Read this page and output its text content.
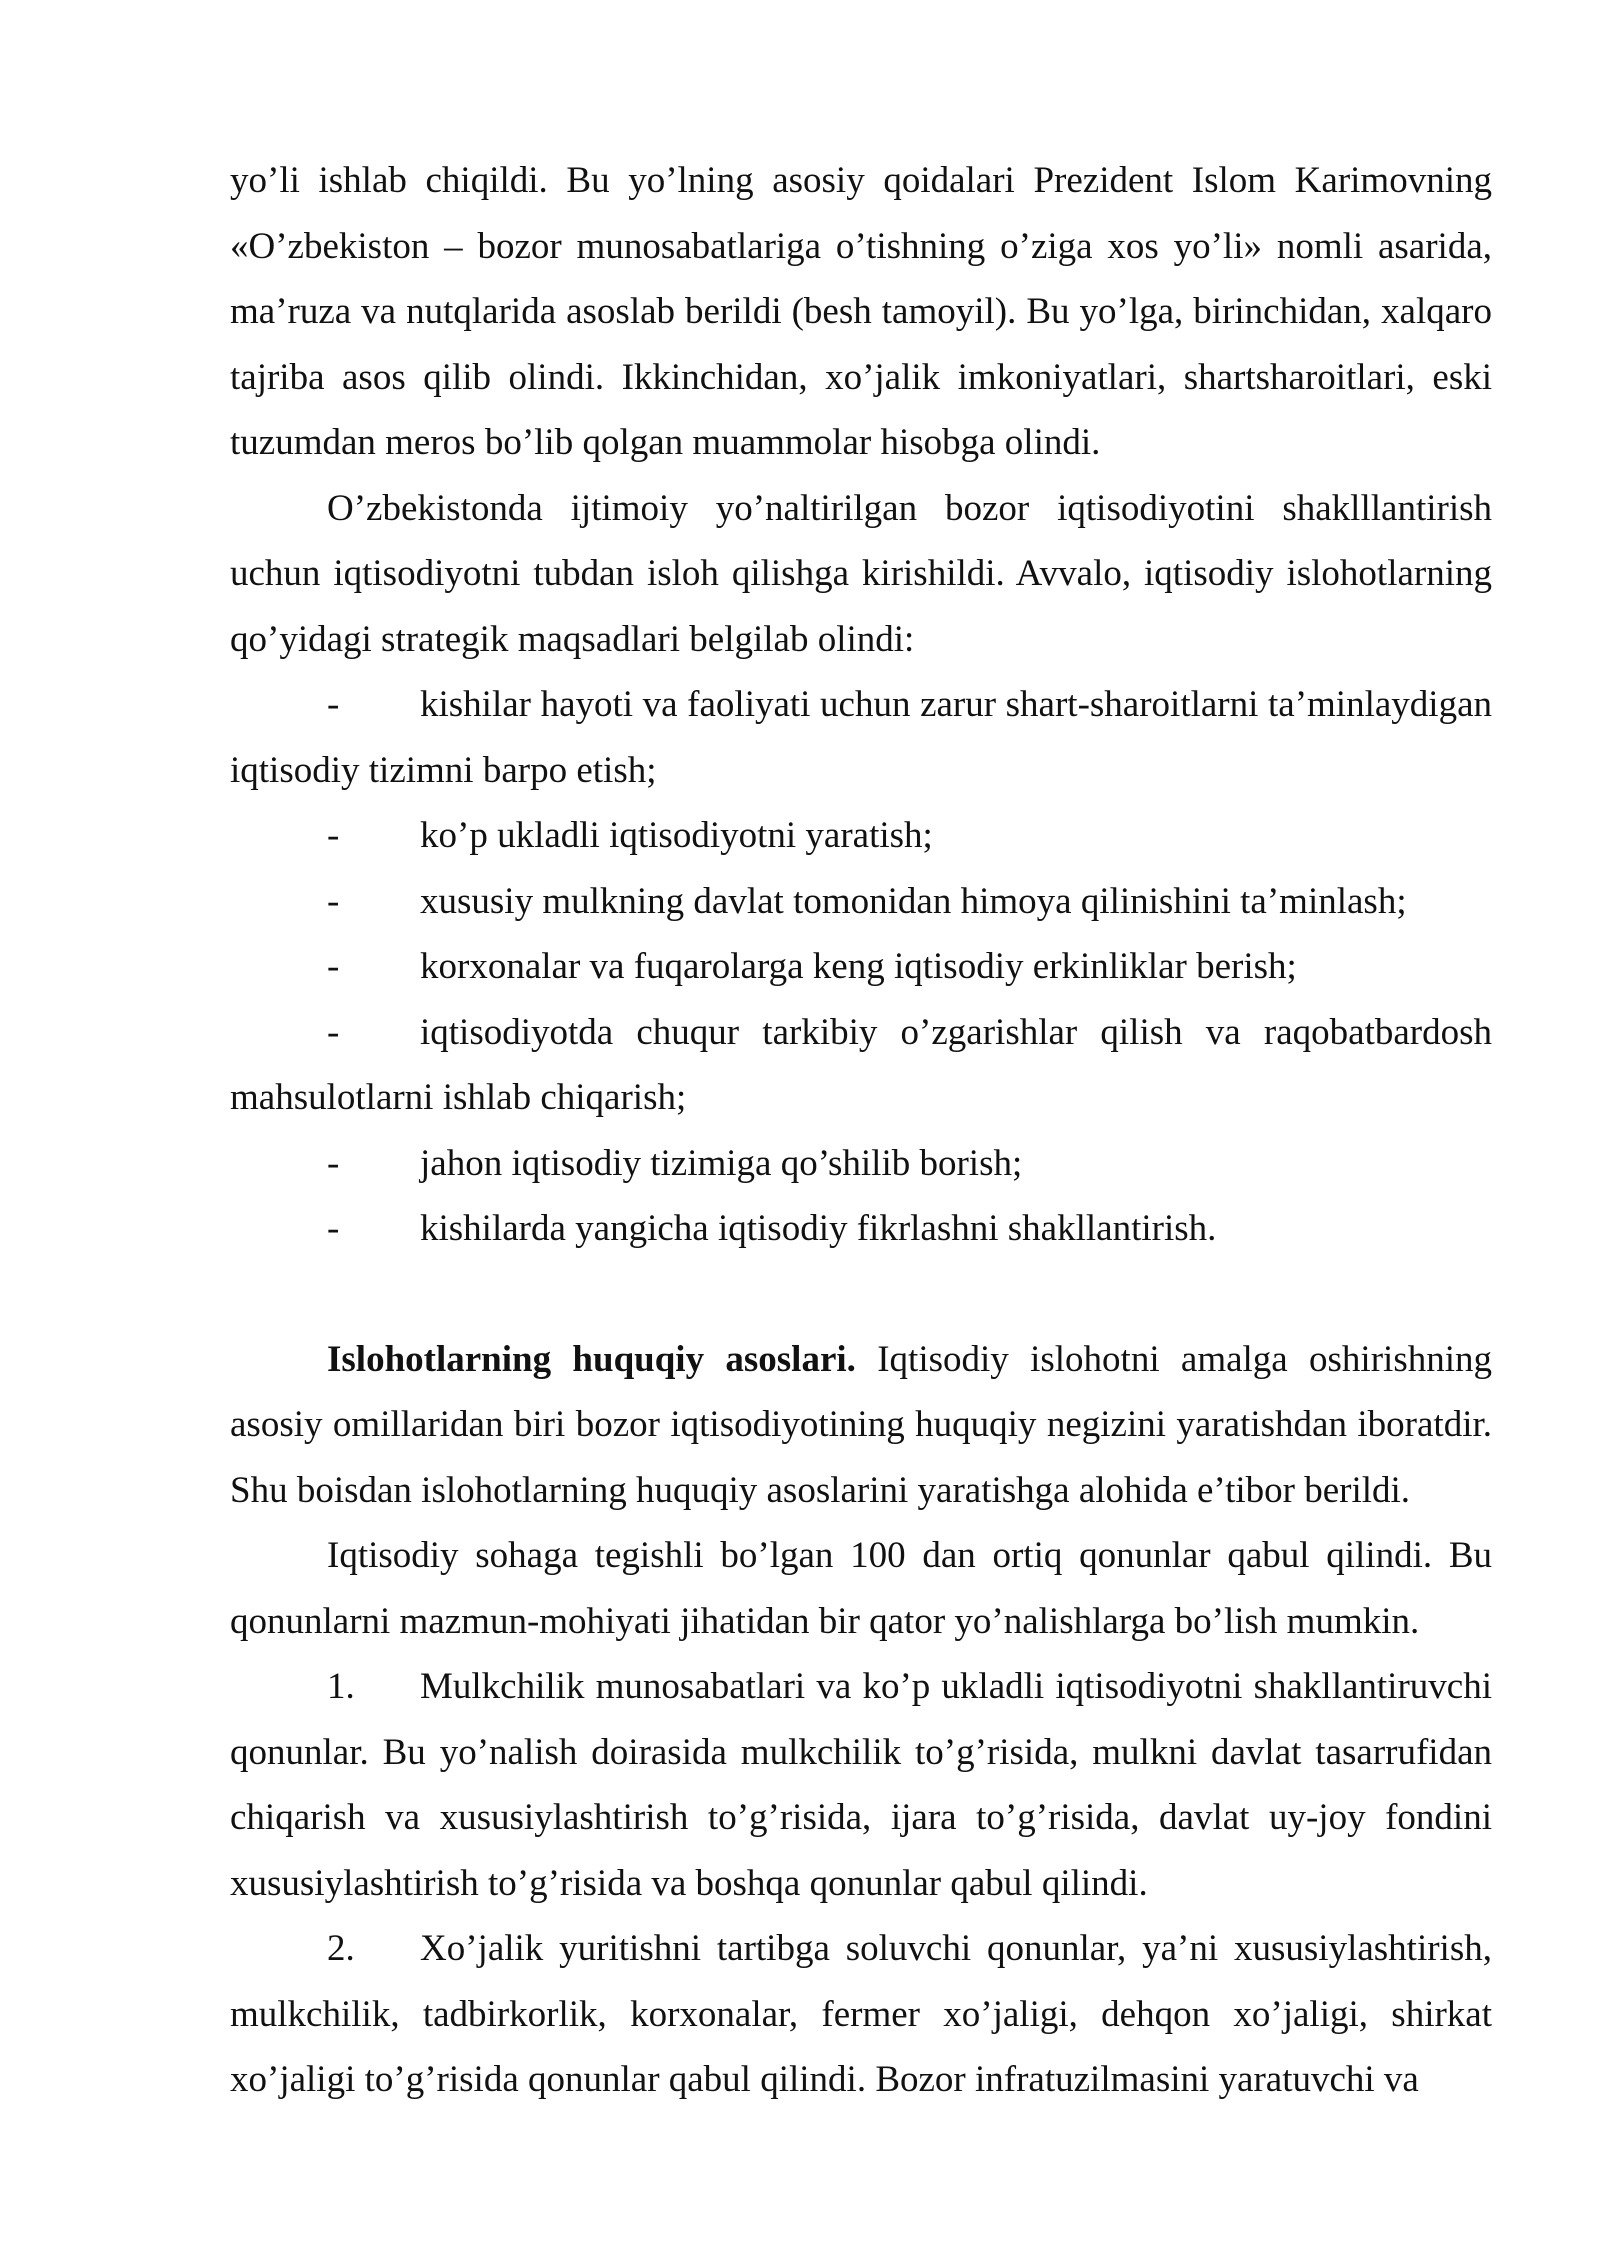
yo’li ishlab chiqildi. Bu yo’lning asosiy qoidalari Prezident Islom Karimovning «O’zbekiston – bozor munosabatlariga o’tishning o’ziga xos yo’li» nomli asarida, ma’ruza va nutqlarida asoslab berildi (besh tamoyil). Bu yo’lga, birinchidan, xalqaro tajriba asos qilib olindi. Ikkinchidan, xo’jalik imkoniyatlari, shartsharoitlari, eski tuzumdan meros bo’lib qolgan muammolar hisobga olindi.

O’zbekistonda ijtimoiy yo’naltirilgan bozor iqtisodiyotini shaklllantirish uchun iqtisodiyotni tubdan isloh qilishga kirishildi. Avvalo, iqtisodiy islohotlarning qo’yidagi strategik maqsadlari belgilab olindi:

- kishilar hayoti va faoliyati uchun zarur shart-sharoitlarni ta’minlaydigan iqtisodiy tizimni barpo etish;

- ko’p ukladli iqtisodiyotni yaratish;

- xususiy mulkning davlat tomonidan himoya qilinishini ta’minlash;

- korxonalar va fuqarolarga keng iqtisodiy erkinliklar berish;

- iqtisodiyotda chuqur tarkibiy o’zgarishlar qilish va raqobatbardosh mahsulotlarni ishlab chiqarish;

- jahon iqtisodiy tizimiga qo’shilib borish;

- kishilarda yangicha iqtisodiy fikrlashni shakllantirish.

Islohotlarning huquqiy asoslari. Iqtisodiy islohotni amalga oshirishning asosiy omillaridan biri bozor iqtisodiyotining huquqiy negizini yaratishdan iboratdir. Shu boisdan islohotlarning huquqiy asoslarini yaratishga alohida e’tibor berildi.

Iqtisodiy sohaga tegishli bo’lgan 100 dan ortiq qonunlar qabul qilindi. Bu qonunlarni mazmun-mohiyati jihatidan bir qator yo’nalishlarga bo’lish mumkin.

1. Mulkchilik munosabatlari va ko’p ukladli iqtisodiyotni shakllantiruvchi qonunlar. Bu yo’nalish doirasida mulkchilik to’g’risida, mulkni davlat tasarrufidan chiqarish va xususiylashtirish to’g’risida, ijara to’g’risida, davlat uy-joy fondini xususiylashtirish to’g’risida va boshqa qonunlar qabul qilindi.

2. Xo’jalik yuritishni tartibga soluvchi qonunlar, ya’ni xususiylashtirish, mulkchilik, tadbirkorlik, korxonalar, fermer xo’jaligi, dehqon xo’jaligi, shirkat xo’jaligi to’g’risida qonunlar qabul qilindi. Bozor infratuzilmasini yaratuvchi va
